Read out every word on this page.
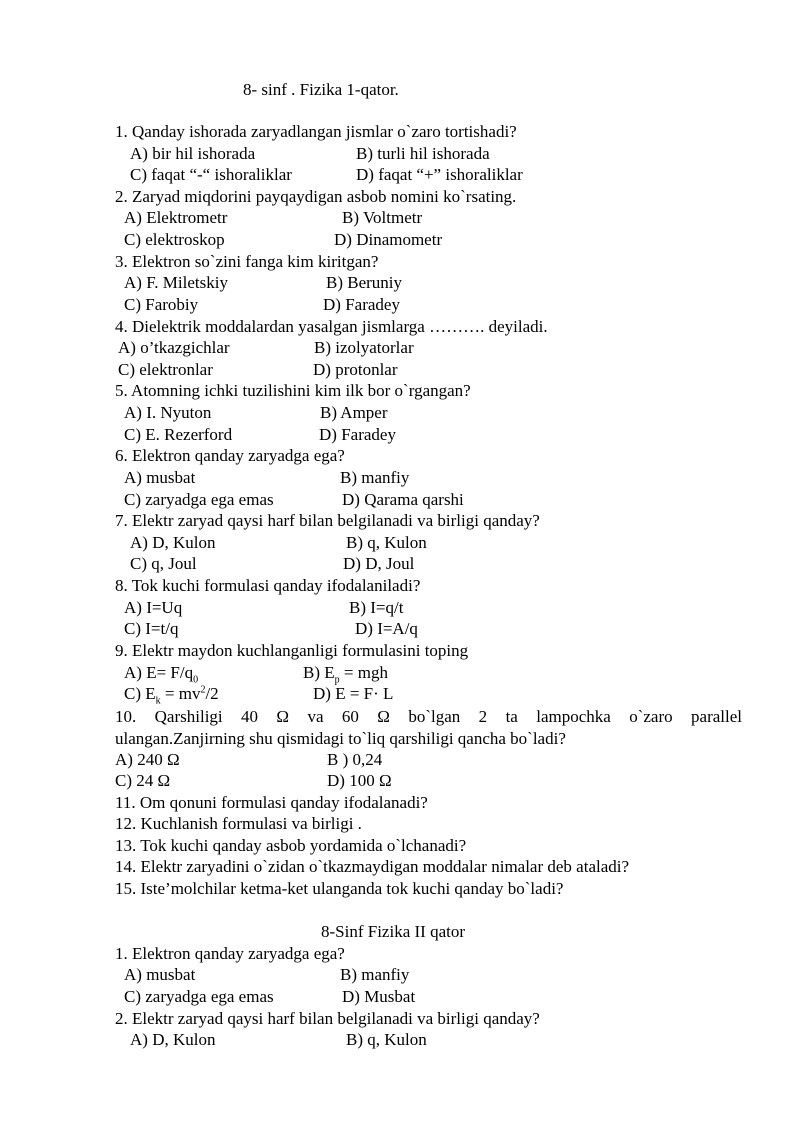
8- sinf . Fizika 1-qator.
1. Qanday ishorada zaryadlangan jismlar o`zaro tortishadi?
A) bir hil ishorada	B) turli hil ishorada
C) faqat “-“ ishoraliklar	D) faqat “+” ishoraliklar
2. Zaryad miqdorini payqaydigan asbob nomini ko`rsating.
A) Elektrometr	B) Voltmetr
C) elektroskop	D) Dinamometr
3. Elektron so`zini fanga kim kiritgan?
A) F. Miletskiy	B) Beruniy
C) Farobiy	D) Faradey
4. Dielektrik moddalardan yasalgan jismlarga ………. deyiladi.
A) o’tkazgichlar	B) izolyatorlar
C) elektronlar	D) protonlar
5. Atomning ichki tuzilishini kim ilk bor o`rgangan?
A) I. Nyuton	B) Amper
C) E. Rezerford	D) Faradey
6. Elektron qanday zaryadga ega?
A) musbat	B) manfiy
C) zaryadga ega emas	D) Qarama qarshi
7. Elektr zaryad qaysi harf bilan belgilanadi va birligi qanday?
A) D, Kulon	B) q, Kulon
C) q, Joul	D) D, Joul
8. Tok kuchi formulasi qanday ifodalaniladi?
A) I=Uq	B) I=q/t
C) I=t/q	D) I=A/q
9. Elektr maydon kuchlanganligi formulasini toping
A) $E= F/q_0$	B) $E_p$ = mgh
C) $E_k = mv^2/2$	D) E = F· L
10. Qarshiligi 40 Ω va 60 Ω bo`lgan 2 ta lampochka o`zaro parallel
ulangan.Zanjirning shu qismidagi to`liq qarshiligi qancha bo`ladi?
A) 240 Ω	B ) 0,24
C) 24 Ω	D) 100 Ω
11. Om qonuni formulasi qanday ifodalanadi?
12. Kuchlanish formulasi va birligi .
13. Tok kuchi qanday asbob yordamida o`lchanadi?
14. Elektr zaryadini o`zidan o`tkazmaydigan moddalar nimalar deb ataladi?
15. Iste’molchilar ketma-ket ulanganda tok kuchi qanday bo`ladi?
8-Sinf Fizika II qator
1. Elektron qanday zaryadga ega?
A) musbat	B) manfiy
C) zaryadga ega emas	D) Musbat
2. Elektr zaryad qaysi harf bilan belgilanadi va birligi qanday?
A) D, Kulon	B) q, Kulon
